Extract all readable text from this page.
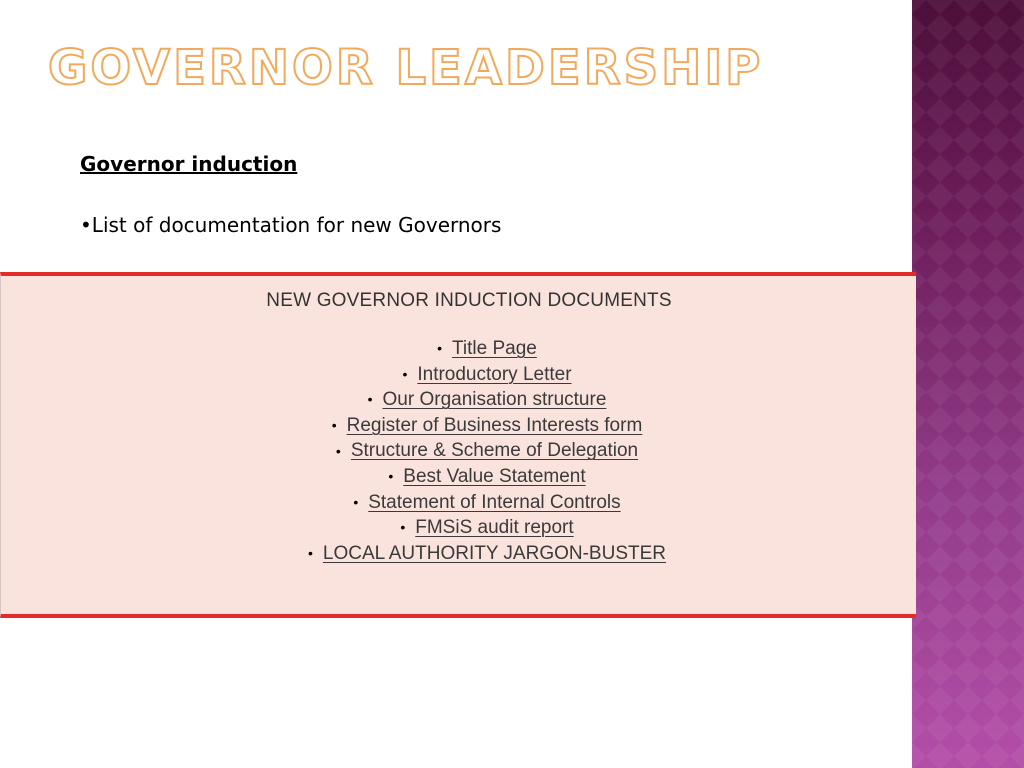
GOVERNOR LEADERSHIP

Governor induction

•List of documentation for new Governors

NEW GOVERNOR INDUCTION DOCUMENTS

• Title Page
• Introductory Letter
• Our Organisation structure
• Register of Business Interests form
• Structure & Scheme of Delegation
• Best Value Statement
• Statement of Internal Controls
• FMSiS audit report
• LOCAL AUTHORITY JARGON-BUSTER
